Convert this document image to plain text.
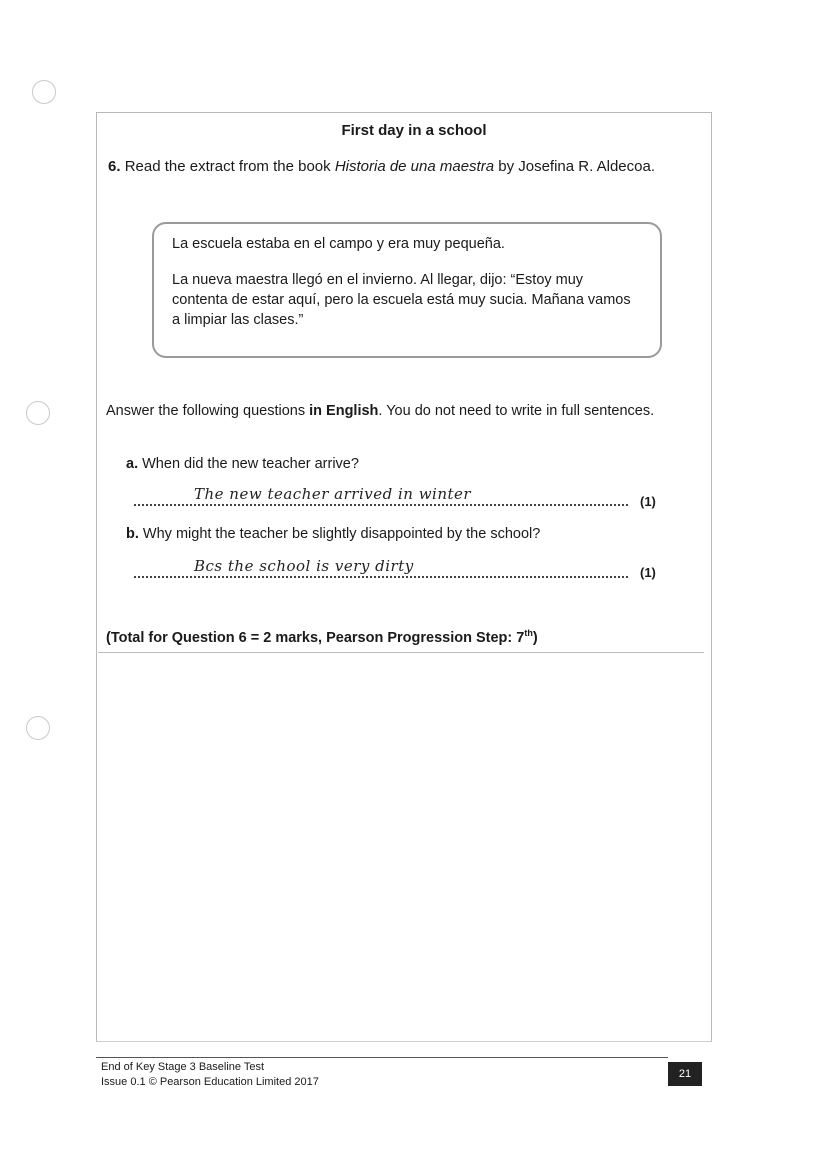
First day in a school
6. Read the extract from the book Historia de una maestra by Josefina R. Aldecoa.

La escuela estaba en el campo y era muy pequeña.

La nueva maestra llegó en el invierno. Al llegar, dijo: “Estoy muy contenta de estar aquí, pero la escuela está muy sucia. Mañana vamos a limpiar las clases.”

Answer the following questions in English. You do not need to write in full sentences.
a. When did the new teacher arrive?
The new teacher arrived in winter	(1)
b. Why might the teacher be slightly disappointed by the school?
Bcs the school is very dirty	(1)
(Total for Question 6 = 2 marks, Pearson Progression Step: 7th)
End of Key Stage 3 Baseline Test
Issue 0.1 © Pearson Education Limited 2017
21
